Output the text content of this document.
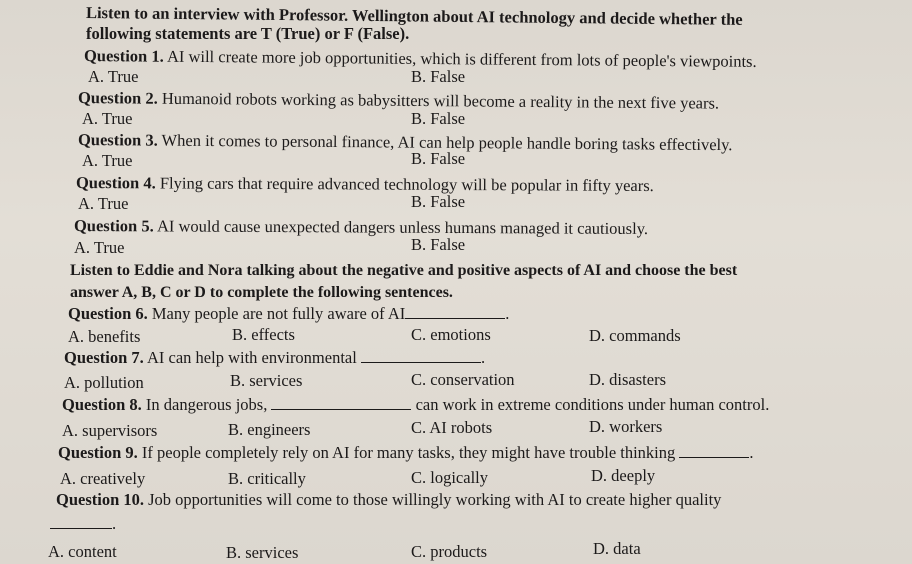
Listen to an interview with Professor. Wellington about AI technology and decide whether the
following statements are T (True) or F (False).
Question 1. AI will create more job opportunities, which is different from lots of people's viewpoints.
A. True	B. False
Question 2. Humanoid robots working as babysitters will become a reality in the next five years.
A. True	B. False
Question 3. When it comes to personal finance, AI can help people handle boring tasks effectively.
A. True	B. False
Question 4. Flying cars that require advanced technology will be popular in fifty years.
A. True	B. False
Question 5. AI would cause unexpected dangers unless humans managed it cautiously.
A. True	B. False
Listen to Eddie and Nora talking about the negative and positive aspects of AI and choose the best
answer A, B, C or D to complete the following sentences.
Question 6. Many people are not fully aware of AI	.
A. benefits	B. effects	C. emotions	D. commands
Question 7. AI can help with environmental	.
A. pollution	B. services	C. conservation	D. disasters
Question 8. In dangerous jobs,	can work in extreme conditions under human control.
A. supervisors	B. engineers	C. AI robots	D. workers
Question 9. If people completely rely on AI for many tasks, they might have trouble thinking	.
A. creatively	B. critically	C. logically	D. deeply
Question 10. Job opportunities will come to those willingly working with AI to create higher quality
.
A. content	B. services	C. products	D. data
